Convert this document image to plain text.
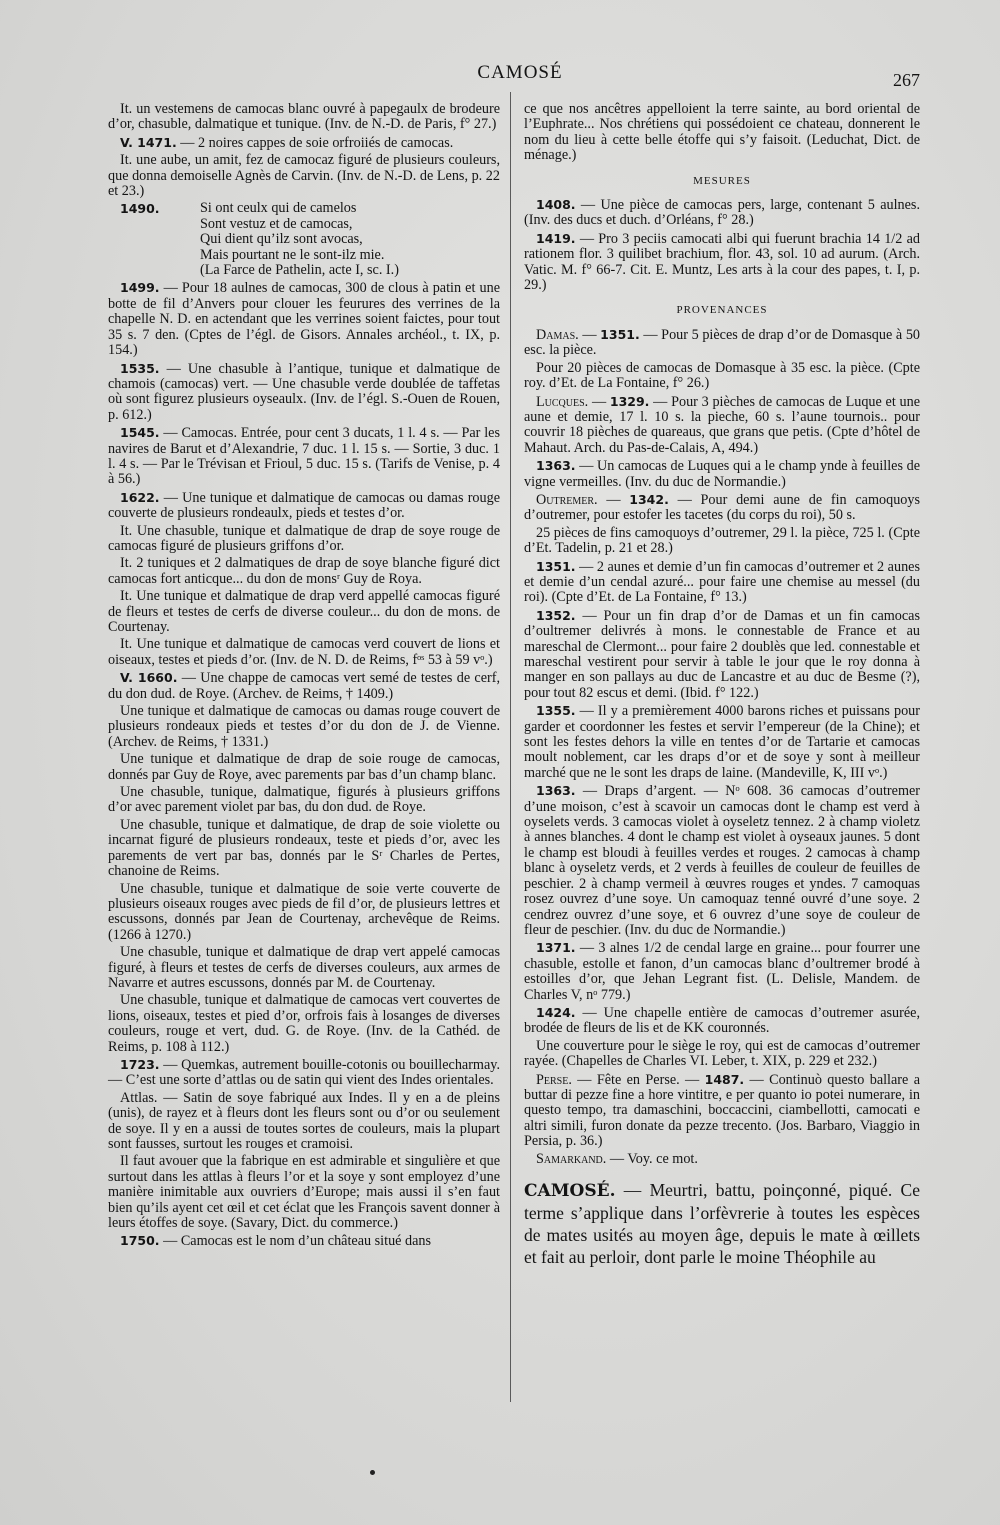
CAMOSÉ	267
It. un vestemens de camocas blanc ouvré à papegaulx de brodeure d’or, chasuble, dalmatique et tunique. (Inv. de N.-D. de Paris, f° 27.)
V. 1471. — 2 noires cappes de soie orfroiiés de camocas.
It. une aube, un amit, fez de camocaz figuré de plusieurs couleurs, que donna demoiselle Agnès de Carvin. (Inv. de N.-D. de Lens, p. 22 et 23.)
1490.	Si ont ceulx qui de camelos
Sont vestuz et de camocas,
Qui dient qu’ilz sont avocas,
Mais pourtant ne le sont-ilz mie.
(La Farce de Pathelin, acte I, sc. I.)
1499. — Pour 18 aulnes de camocas, 300 de clous à patin et une botte de fil d’Anvers pour clouer les feurures des verrines de la chapelle N. D. en actendant que les verrines soient faictes, pour tout 35 s. 7 den. (Cptes de l’égl. de Gisors. Annales archéol., t. IX, p. 154.)
1535. — Une chasuble à l’antique, tunique et dalmatique de chamois (camocas) vert. — Une chasuble verde doublée de taffetas où sont figurez plusieurs oyseaulx. (Inv. de l’égl. S.-Ouen de Rouen, p. 612.)
1545. — Camocas. Entrée, pour cent 3 ducats, 1 l. 4 s. — Par les navires de Barut et d’Alexandrie, 7 duc. 1 l. 15 s. — Sortie, 3 duc. 1 l. 4 s. — Par le Trévisan et Frioul, 5 duc. 15 s. (Tarifs de Venise, p. 4 à 56.)
1622. — Une tunique et dalmatique de camocas ou damas rouge couverte de plusieurs rondeaulx, pieds et testes d’or.
It. Une chasuble, tunique et dalmatique de drap de soye rouge de camocas figuré de plusieurs griffons d’or.
It. 2 tuniques et 2 dalmatiques de drap de soye blanche figuré dict camocas fort anticque... du don de monsʳ Guy de Roya.
It. Une tunique et dalmatique de drap verd appellé camocas figuré de fleurs et testes de cerfs de diverse couleur... du don de mons. de Courtenay.
It. Une tunique et dalmatique de camocas verd couvert de lions et oiseaux, testes et pieds d’or. (Inv. de N. D. de Reims, fᵒˢ 53 à 59 vᵒ.)
V. 1660. — Une chappe de camocas vert semé de testes de cerf, du don dud. de Roye. (Archev. de Reims, † 1409.)
Une tunique et dalmatique de camocas ou damas rouge couvert de plusieurs rondeaux pieds et testes d’or du don de J. de Vienne. (Archev. de Reims, † 1331.)
Une tunique et dalmatique de drap de soie rouge de camocas, donnés par Guy de Roye, avec parements par bas d’un champ blanc.
Une chasuble, tunique, dalmatique, figurés à plusieurs griffons d’or avec parement violet par bas, du don dud. de Roye.
Une chasuble, tunique et dalmatique, de drap de soie violette ou incarnat figuré de plusieurs rondeaux, teste et pieds d’or, avec les parements de vert par bas, donnés par le Sʳ Charles de Pertes, chanoine de Reims.
Une chasuble, tunique et dalmatique de soie verte couverte de plusieurs oiseaux rouges avec pieds de fil d’or, de plusieurs lettres et escussons, donnés par Jean de Courtenay, archevêque de Reims. (1266 à 1270.)
Une chasuble, tunique et dalmatique de drap vert appelé camocas figuré, à fleurs et testes de cerfs de diverses couleurs, aux armes de Navarre et autres escussons, donnés par M. de Courtenay.
Une chasuble, tunique et dalmatique de camocas vert couvertes de lions, oiseaux, testes et pied d’or, orfrois fais à losanges de diverses couleurs, rouge et vert, dud. G. de Roye. (Inv. de la Cathéd. de Reims, p. 108 à 112.)
1723. — Quemkas, autrement bouille-cotonis ou bouillecharmay. — C’est une sorte d’attlas ou de satin qui vient des Indes orientales.
Attlas. — Satin de soye fabriqué aux Indes. Il y en a de pleins (unis), de rayez et à fleurs dont les fleurs sont ou d’or ou seulement de soye. Il y en a aussi de toutes sortes de couleurs, mais la plupart sont fausses, surtout les rouges et cramoisi.
Il faut avouer que la fabrique en est admirable et singulière et que surtout dans les attlas à fleurs l’or et la soye y sont employez d’une manière inimitable aux ouvriers d’Europe; mais aussi il s’en faut bien qu’ils ayent cet œil et cet éclat que les François savent donner à leurs étoffes de soye. (Savary, Dict. du commerce.)
1750. — Camocas est le nom d’un château situé dans
ce que nos ancêtres appelloient la terre sainte, au bord oriental de l’Euphrate... Nos chrétiens qui possédoient ce chateau, donnerent le nom du lieu à cette belle étoffe qui s’y faisoit. (Leduchat, Dict. de ménage.)
MESURES
1408. — Une pièce de camocas pers, large, contenant 5 aulnes. (Inv. des ducs et duch. d’Orléans, f° 28.)
1419. — Pro 3 peciis camocati albi qui fuerunt brachia 14 1/2 ad rationem flor. 3 quilibet brachium, flor. 43, sol. 10 ad aurum. (Arch. Vatic. M. f° 66-7. Cit. E. Muntz, Les arts à la cour des papes, t. I, p. 29.)
PROVENANCES
Damas. — 1351. — Pour 5 pièces de drap d’or de Domasque à 50 esc. la pièce.
Pour 20 pièces de camocas de Domasque à 35 esc. la pièce. (Cpte roy. d’Et. de La Fontaine, f° 26.)
Lucques. — 1329. — Pour 3 pièches de camocas de Luque et une aune et demie, 17 l. 10 s. la pieche, 60 s. l’aune tournois.. pour couvrir 18 pièches de quareaus, que grans que petis. (Cpte d’hôtel de Mahaut. Arch. du Pas-de-Calais, A, 494.)
1363. — Un camocas de Luques qui a le champ ynde à feuilles de vigne vermeilles. (Inv. du duc de Normandie.)
Outremer. — 1342. — Pour demi aune de fin camoquoys d’outremer, pour estofer les tacetes (du corps du roi), 50 s.
25 pièces de fins camoquoys d’outremer, 29 l. la pièce, 725 l. (Cpte d’Et. Tadelin, p. 21 et 28.)
1351. — 2 aunes et demie d’un fin camocas d’outremer et 2 aunes et demie d’un cendal azuré... pour faire une chemise au messel (du roi). (Cpte d’Et. de La Fontaine, f° 13.)
1352. — Pour un fin drap d’or de Damas et un fin camocas d’oultremer delivrés à mons. le connestable de France et au mareschal de Clermont... pour faire 2 doublès que led. connestable et mareschal vestirent pour servir à table le jour que le roy donna à manger en son pallays au duc de Lancastre et au duc de Besme (?), pour tout 82 escus et demi. (Ibid. f° 122.)
1355. — Il y a premièrement 4000 barons riches et puissans pour garder et coordonner les festes et servir l’empereur (de la Chine); et sont les festes dehors la ville en tentes d’or de Tartarie et camocas moult noblement, car les draps d’or et de soye y sont à meilleur marché que ne le sont les draps de laine. (Mandeville, K, III vᵒ.)
1363. — Draps d’argent. — Nᵒ 608. 36 camocas d’outremer d’une moison, c’est à scavoir un camocas dont le champ est verd à oyselets verds. 3 camocas violet à oyseletz tennez. 2 à champ violetz à annes blanches. 4 dont le champ est violet à oyseaux jaunes. 5 dont le champ est bloudi à feuilles verdes et rouges. 2 camocas à champ blanc à oyseletz verds, et 2 verds à feuilles de couleur de feuilles de peschier. 2 à champ vermeil à œuvres rouges et yndes. 7 camoquas rosez ouvrez d’une soye. Un camoquaz tenné ouvré d’une soye. 2 cendrez ouvrez d’une soye, et 6 ouvrez d’une soye de couleur de fleur de peschier. (Inv. du duc de Normandie.)
1371. — 3 alnes 1/2 de cendal large en graine... pour fourrer une chasuble, estolle et fanon, d’un camocas blanc d’oultremer brodé à estoilles d’or, que Jehan Legrant fist. (L. Delisle, Mandem. de Charles V, nᵒ 779.)
1424. — Une chapelle entière de camocas d’outremer asurée, brodée de fleurs de lis et de KK couronnés.
Une couverture pour le siège le roy, qui est de camocas d’outremer rayée. (Chapelles de Charles VI. Leber, t. XIX, p. 229 et 232.)
Perse. — Fête en Perse. — 1487. — Continuò questo ballare a buttar di pezze fine a hore vintitre, e per quanto io potei numerare, in questo tempo, tra damaschini, boccaccini, ciambellotti, camocati e altri simili, furon donate da pezze trecento. (Jos. Barbaro, Viaggio in Persia, p. 36.)
Samarkand. — Voy. ce mot.
CAMOSÉ. — Meurtri, battu, poinçonné, piqué. Ce terme s’applique dans l’orfèvrerie à toutes les espèces de mates usités au moyen âge, depuis le mate à œillets et fait au perloir, dont parle le moine Théophile au
